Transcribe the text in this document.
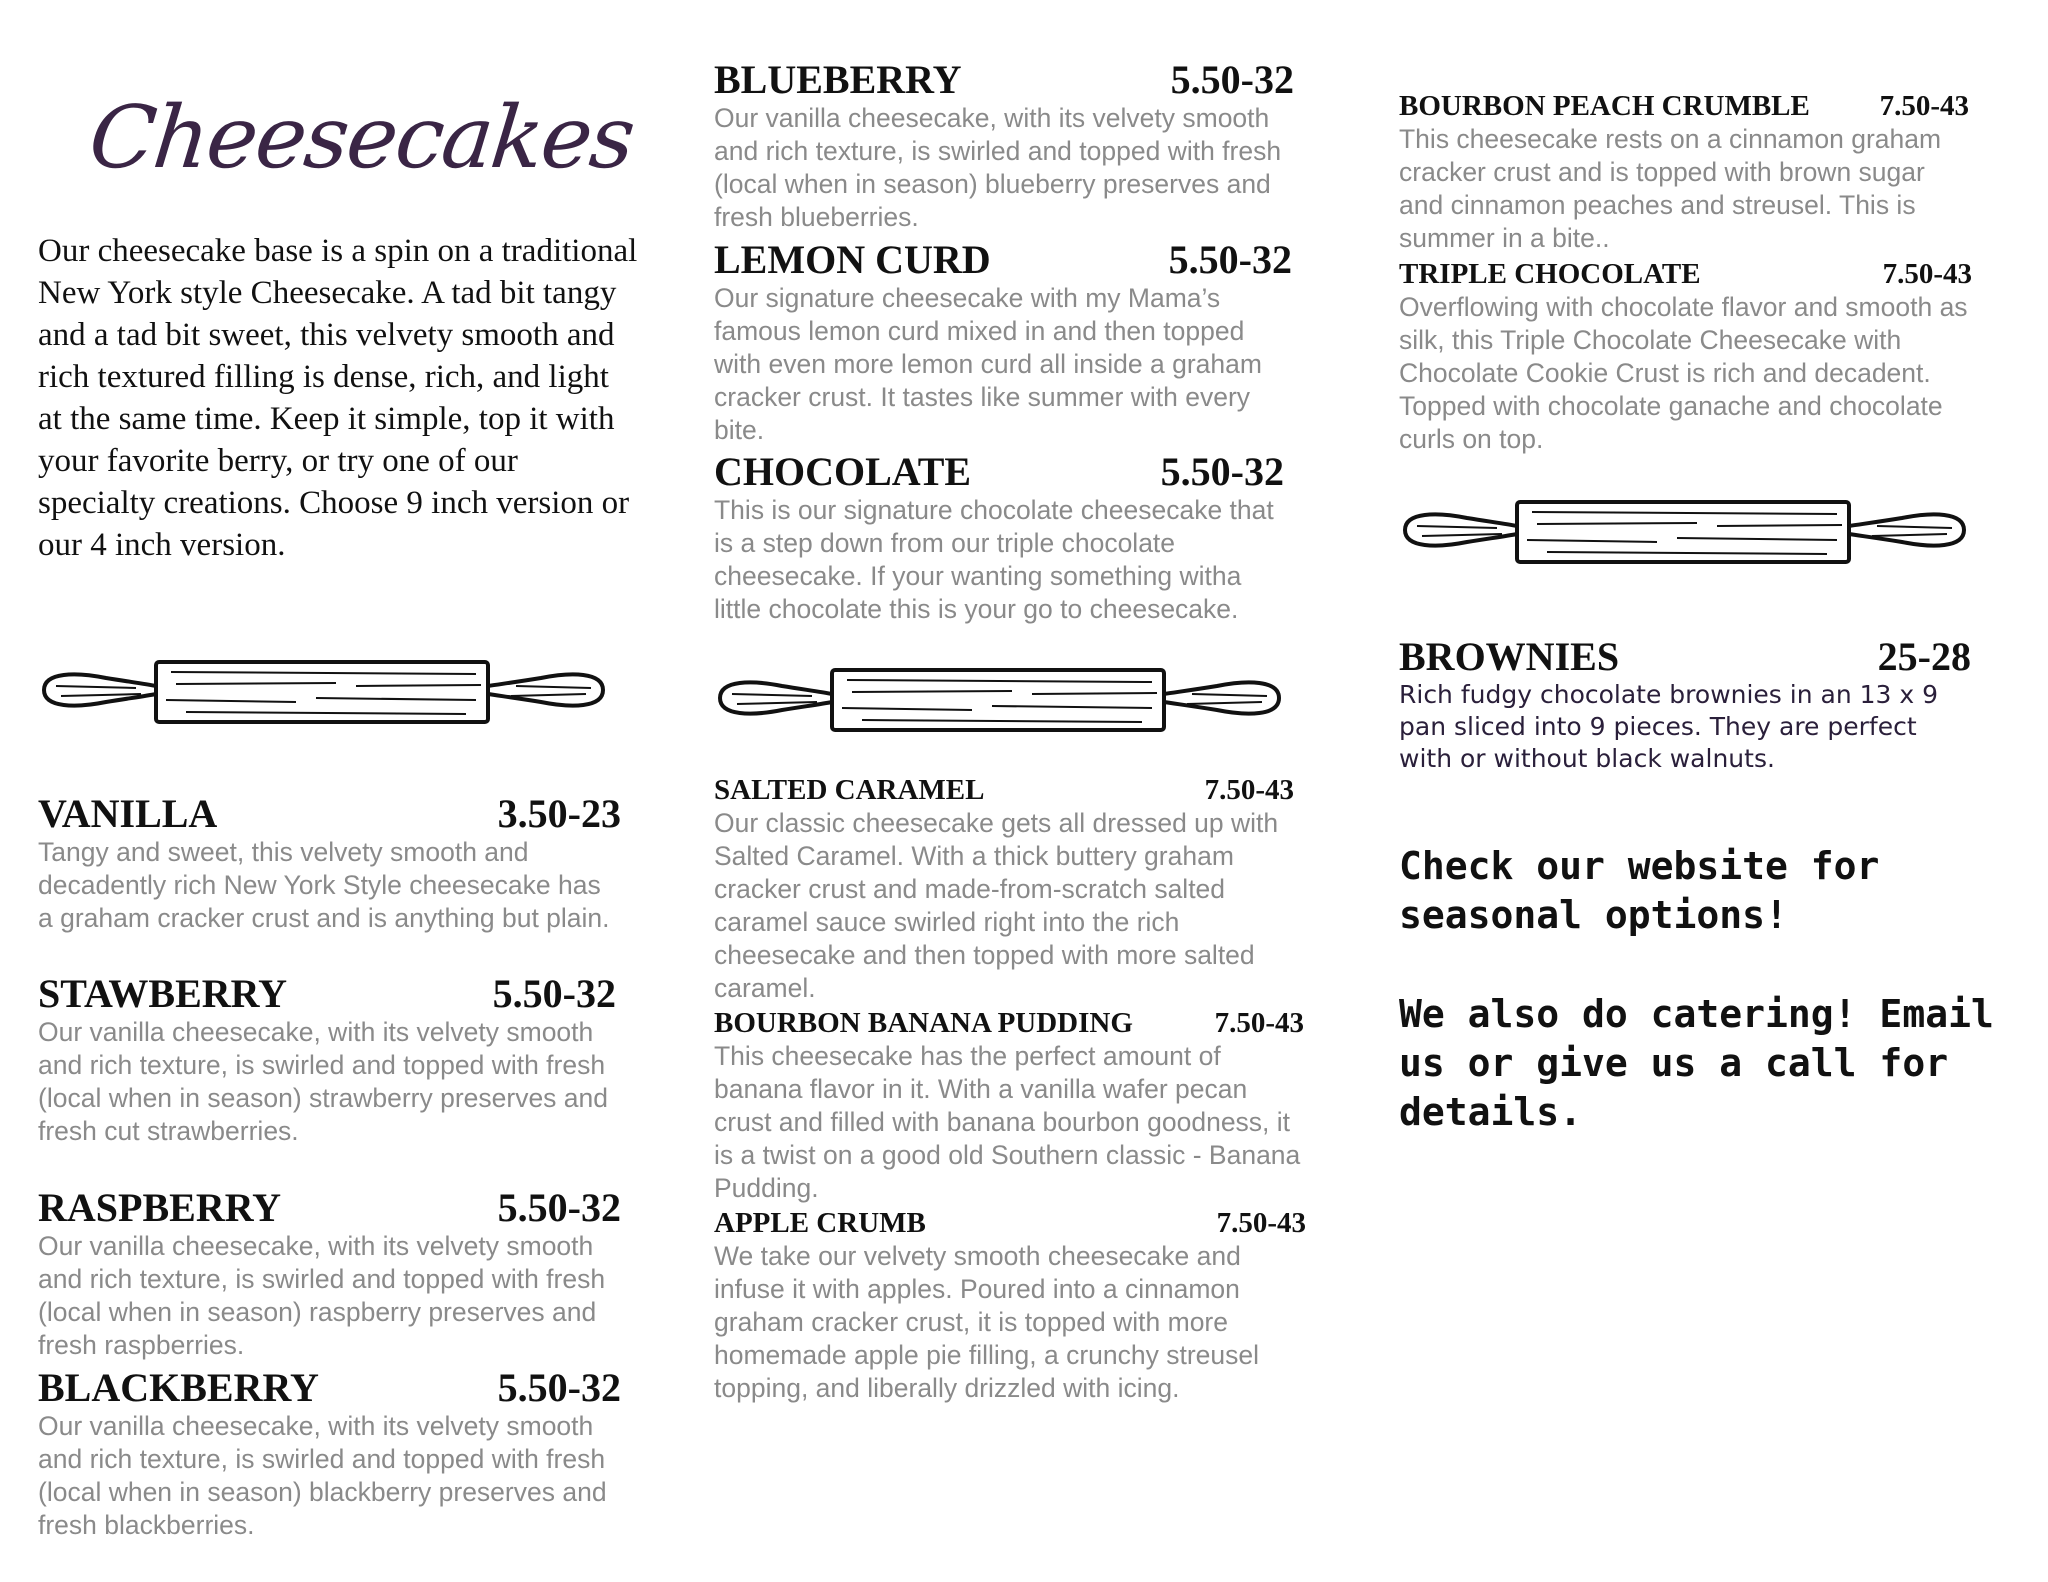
Cheesecakes
Our cheesecake base is a spin on a traditional New York style Cheesecake. A tad bit tangy and a tad bit sweet, this velvety smooth and rich textured filling is dense, rich, and light at the same time. Keep it simple, top it with your favorite berry, or try one of our specialty creations. Choose 9 inch version or our 4 inch version.
VANILLA	3.50-23
Tangy and sweet, this velvety smooth and decadently rich New York Style cheesecake has a graham cracker crust and is anything but plain.
STAWBERRY	5.50-32
Our vanilla cheesecake, with its velvety smooth and rich texture, is swirled and topped with fresh (local when in season) strawberry preserves and fresh cut strawberries.
RASPBERRY	5.50-32
Our vanilla cheesecake, with its velvety smooth and rich texture, is swirled and topped with fresh (local when in season) raspberry preserves and fresh raspberries.
BLACKBERRY	5.50-32
Our vanilla cheesecake, with its velvety smooth and rich texture, is swirled and topped with fresh (local when in season) blackberry preserves and fresh blackberries.
BLUEBERRY	5.50-32
Our vanilla cheesecake, with its velvety smooth and rich texture, is swirled and topped with fresh (local when in season) blueberry preserves and fresh blueberries.
LEMON CURD	5.50-32
Our signature cheesecake with my Mama’s famous lemon curd mixed in and then topped with even more lemon curd all inside a graham cracker crust. It tastes like summer with every bite.
CHOCOLATE	5.50-32
This is our signature chocolate cheesecake that is a step down from our triple chocolate cheesecake. If your wanting something witha little chocolate this is your go to cheesecake.
SALTED CARAMEL	7.50-43
Our classic cheesecake gets all dressed up with Salted Caramel. With a thick buttery graham cracker crust and made-from-scratch salted caramel sauce swirled right into the rich cheesecake and then topped with more salted caramel.
BOURBON BANANA PUDDING	7.50-43
This cheesecake has the perfect amount of banana flavor in it. With a vanilla wafer pecan crust and filled with banana bourbon goodness, it is a twist on a good old Southern classic - Banana Pudding.
APPLE CRUMB	7.50-43
We take our velvety smooth cheesecake and infuse it with apples. Poured into a cinnamon graham cracker crust, it is topped with more homemade apple pie filling, a crunchy streusel topping, and liberally drizzled with icing.
BOURBON PEACH CRUMBLE 7.50-43
This cheesecake rests on a cinnamon graham cracker crust and is topped with brown sugar and cinnamon peaches and streusel. This is summer in a bite..
TRIPLE CHOCOLATE	7.50-43
Overflowing with chocolate flavor and smooth as silk, this Triple Chocolate Cheesecake with Chocolate Cookie Crust is rich and decadent. Topped with chocolate ganache and chocolate curls on top.
BROWNIES	25-28
Rich fudgy chocolate brownies in an 13 x 9 pan sliced into 9 pieces. They are perfect with or without black walnuts.
Check our website for seasonal options!
We also do catering! Email us or give us a call for details.
